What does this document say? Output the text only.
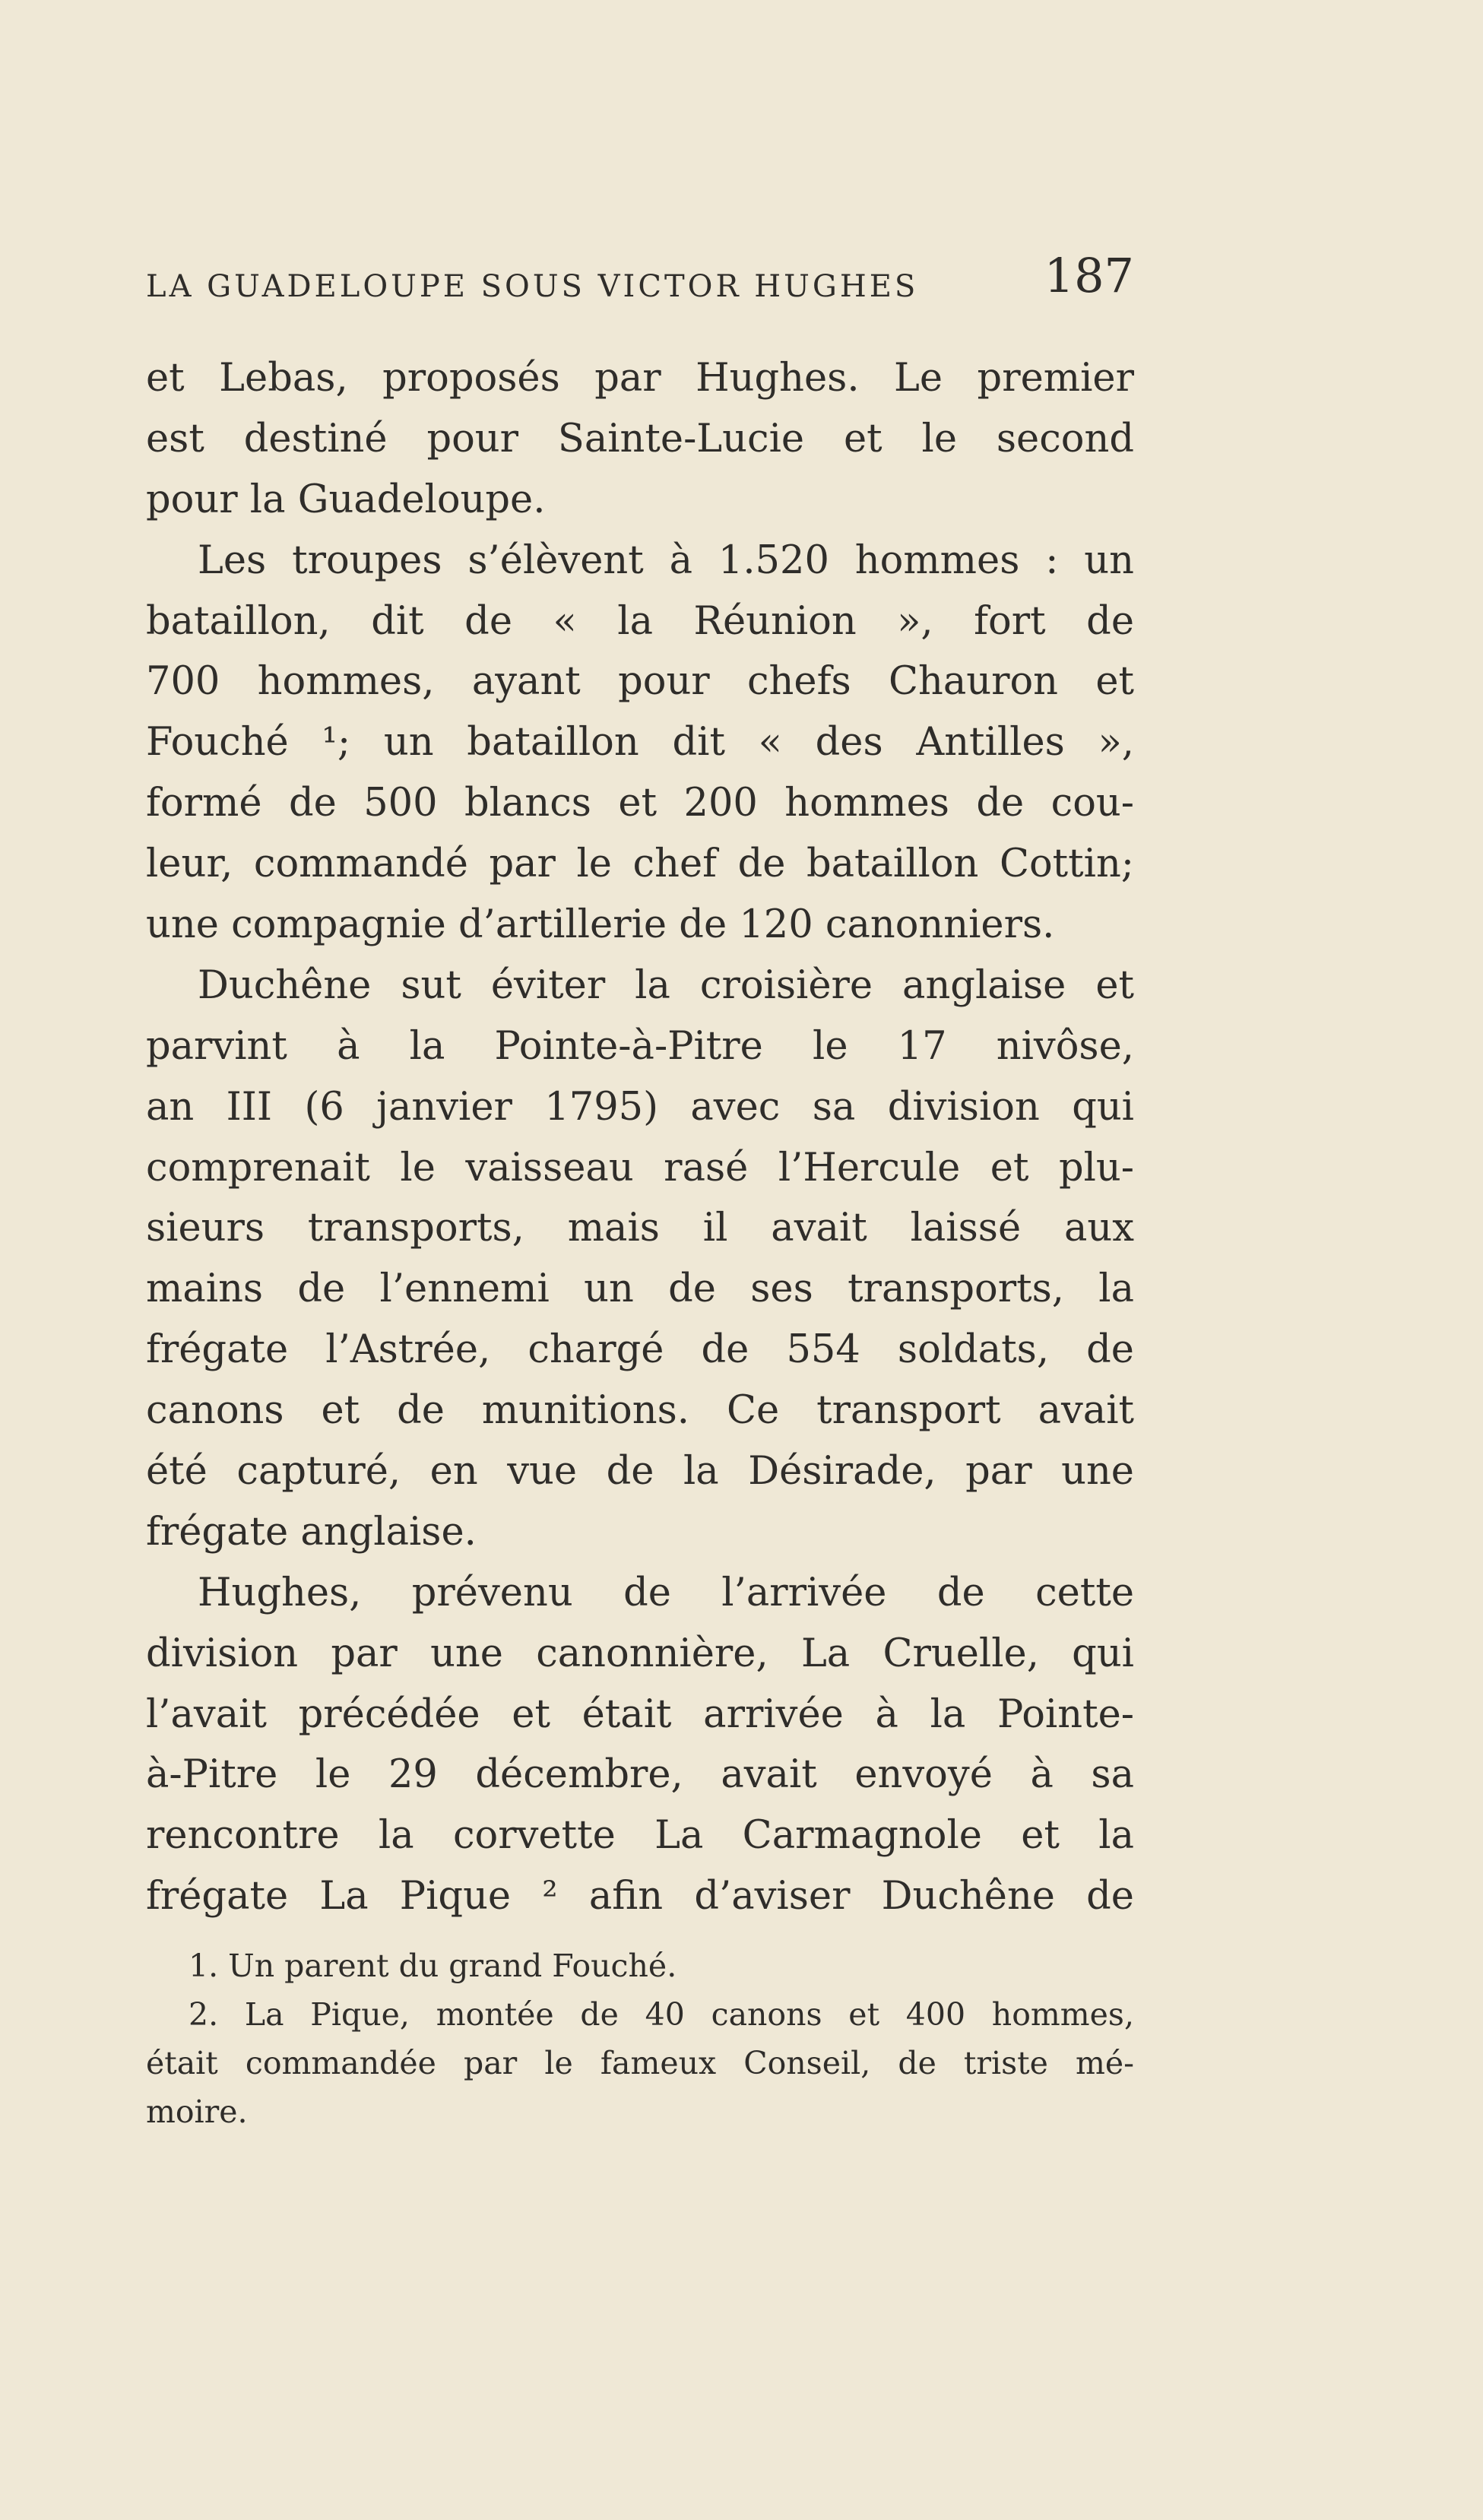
LA GUADELOUPE SOUS VICTOR HUGHES	187
et Lebas, proposés par Hughes. Le premier
est destiné pour Sainte-Lucie et le second
pour la Guadeloupe.
Les troupes s’élèvent à 1.520 hommes : un
bataillon, dit de « la Réunion », fort de
700 hommes, ayant pour chefs Chauron et
Fouché ¹; un bataillon dit « des Antilles »,
formé de 500 blancs et 200 hommes de cou-
leur, commandé par le chef de bataillon Cottin;
une compagnie d’artillerie de 120 canonniers.
Duchêne sut éviter la croisière anglaise et
parvint à la Pointe-à-Pitre le 17 nivôse,
an III (6 janvier 1795) avec sa division qui
comprenait le vaisseau rasé l’Hercule et plu-
sieurs transports, mais il avait laissé aux
mains de l’ennemi un de ses transports, la
frégate l’Astrée, chargé de 554 soldats, de
canons et de munitions. Ce transport avait
été capturé, en vue de la Désirade, par une
frégate anglaise.
Hughes, prévenu de l’arrivée de cette
division par une canonnière, La Cruelle, qui
l’avait précédée et était arrivée à la Pointe-
à-Pitre le 29 décembre, avait envoyé à sa
rencontre la corvette La Carmagnole et la
frégate La Pique ² afin d’aviser Duchêne de
1. Un parent du grand Fouché.
2. La Pique, montée de 40 canons et 400 hommes,
était commandée par le fameux Conseil, de triste mé-
moire.
